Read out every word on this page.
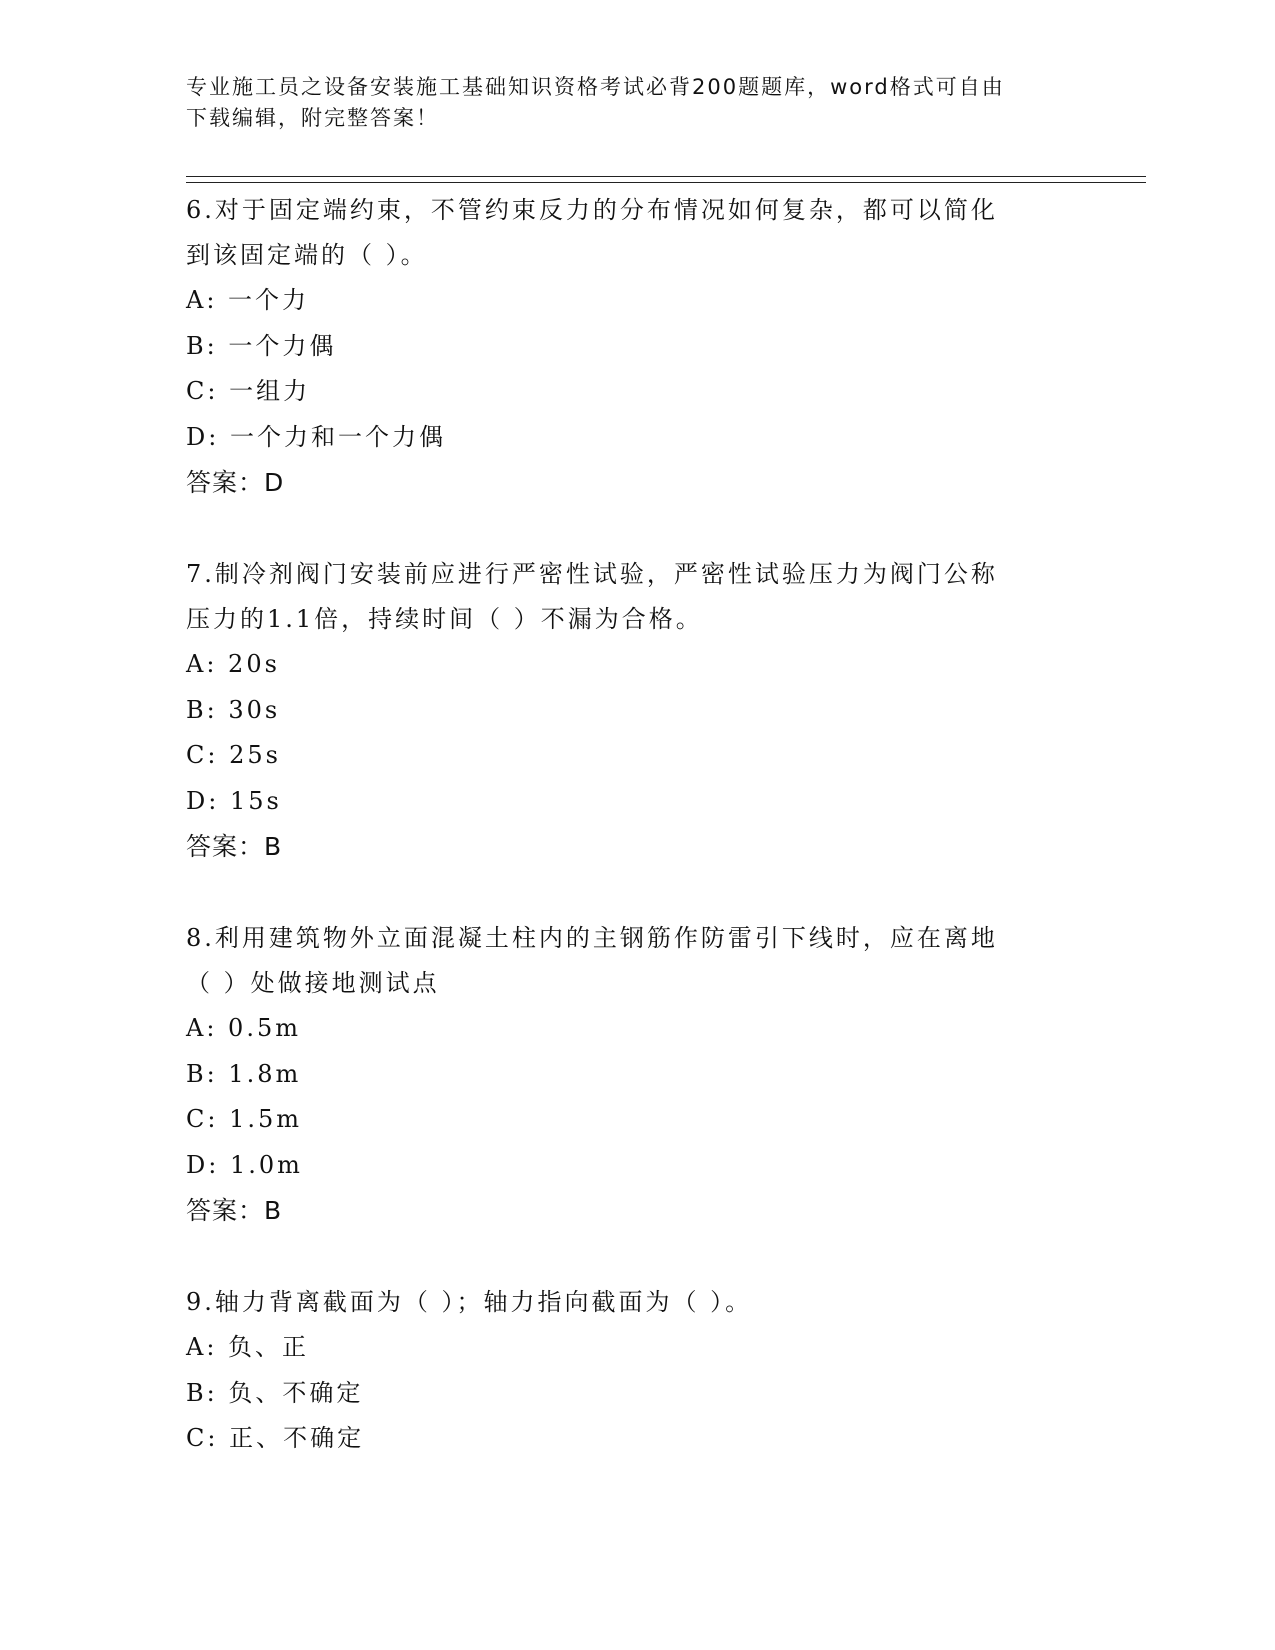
专业施工员之设备安装施工基础知识资格考试必背200题题库，word格式可自由
下载编辑，附完整答案！
6.对于固定端约束，不管约束反力的分布情况如何复杂，都可以简化
到该固定端的（ ）。
A: 一个力
B: 一个力偶
C: 一组力
D: 一个力和一个力偶
答案：D
7.制冷剂阀门安装前应进行严密性试验，严密性试验压力为阀门公称
压力的1.1倍，持续时间（ ）不漏为合格。
A: 20s
B: 30s
C: 25s
D: 15s
答案：B
8.利用建筑物外立面混凝土柱内的主钢筋作防雷引下线时，应在离地
（ ）处做接地测试点
A: 0.5m
B: 1.8m
C: 1.5m
D: 1.0m
答案：B
9.轴力背离截面为（ ）；轴力指向截面为（ ）。
A: 负、正
B: 负、不确定
C: 正、不确定
